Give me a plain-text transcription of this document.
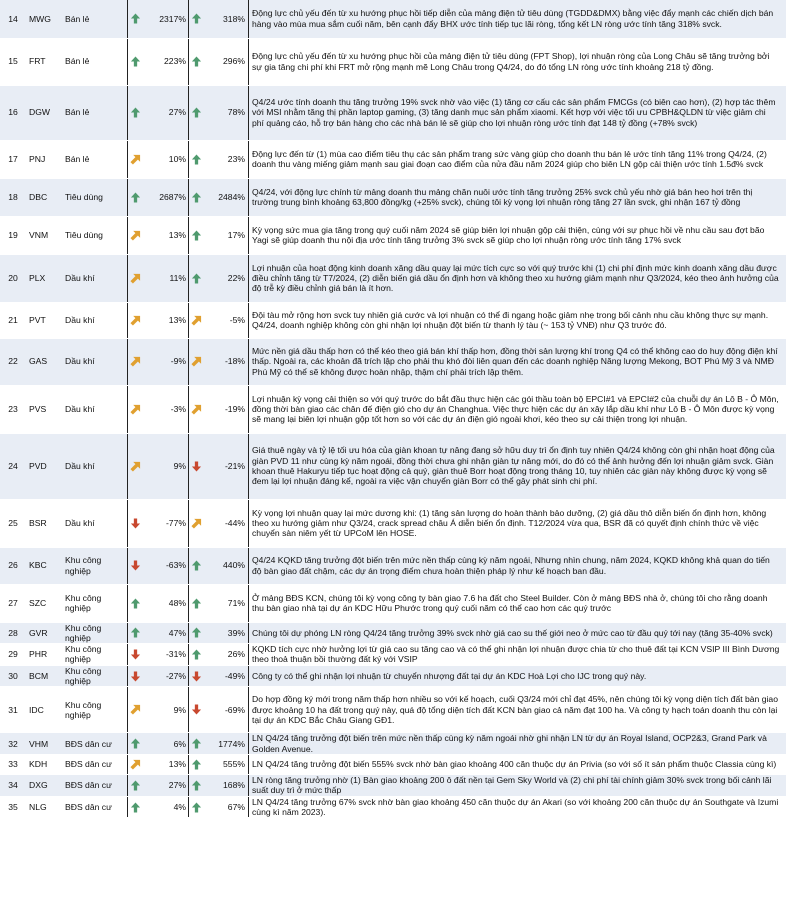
14	MWG	Bán lẻ		2317%		318%	Động lực chủ yếu đến từ xu hướng phục hồi tiếp diễn của mảng điện tử tiêu dùng (TGDD&DMX) bằng việc đẩy mạnh các chiến dịch bán hàng vào mùa mua sắm cuối năm, bên cạnh đẩy BHX ước tính tiếp tục lãi ròng, tổng kết LN ròng ước tính tăng 318% svck.
15	FRT	Bán lẻ		223%		296%	Động lực chủ yếu đến từ xu hướng phục hồi của mảng điện tử tiêu dùng (FPT Shop), lợi nhuận ròng của Long Châu sẽ tăng trưởng bởi sự gia tăng chi phí khi FRT mở rộng mạnh mẽ Long Châu trong Q4/24, do đó tổng LN ròng ước tính khoảng 218 tỷ đồng.
16	DGW	Bán lẻ		27%		78%	Q4/24 ước tính doanh thu tăng trưởng 19% svck nhờ vào việc (1) tăng cơ cấu các sản phẩm FMCGs (có biên cao hơn), (2) hợp tác thêm với MSI nhằm tăng thị phần laptop gaming, (3) tăng danh mục sản phẩm xiaomi. Kết hợp với việc tối ưu CPBH&QLDN từ việc giảm chi phí quảng cáo, hỗ trợ bán hàng cho các nhà bán lẻ sẽ giúp cho lợi nhuận ròng ước tính đạt 148 tỷ đồng (+78% svck)
17	PNJ	Bán lẻ		10%		23%	Động lực đến từ (1) mùa cao điểm tiêu thụ các sản phẩm trang sức vàng giúp cho doanh thu bán lẻ ước tính tăng 11% trong Q4/24, (2) doanh thu vàng miếng giảm mạnh sau giai đoạn cao điểm của nửa đầu năm 2024 giúp cho biên LN gộp cải thiện ước tính 1.5đ% svck
18	DBC	Tiêu dùng		2687%		2484%	Q4/24, với động lực chính từ mảng doanh thu mảng chăn nuôi ước tính tăng trưởng 25% svck chủ yếu nhờ giá bán heo hơi trên thị trường trung bình khoảng 63,800 đồng/kg (+25% svck), chúng tôi kỳ vọng lợi nhuận ròng tăng 27 lần svck, ghi nhận 167 tỷ đồng
19	VNM	Tiêu dùng		13%		17%	Kỳ vọng sức mua gia tăng trong quý cuối năm 2024 sẽ giúp biên lợi nhuận gộp cải thiện, cùng với sự phục hồi về nhu cầu sau đợt bão Yagi sẽ giúp doanh thu nội địa ước tính tăng trưởng 3% svck sẽ giúp cho lợi nhuận ròng ước tính tăng 17% svck
20	PLX	Dầu khí		11%		22%	Lợi nhuận của hoạt động kinh doanh xăng dầu quay lại mức tích cực so với quý trước khi (1) chi phí định mức kinh doanh xăng dầu được điều chỉnh tăng từ T7/2024, (2) diễn biến giá dầu ổn định hơn và không theo xu hướng giảm mạnh như Q3/2024, kéo theo ảnh hưởng của độ trễ kỳ điều chỉnh giá bán là ít hơn.
21	PVT	Dầu khí		13%		-5%	Đội tàu mở rộng hơn svck tuy nhiên giá cước và lợi nhuận có thể đi ngang hoặc giảm nhẹ trong bối cảnh nhu cầu không thực sự mạnh. Q4/24, doanh nghiệp không còn ghi nhận lợi nhuận đột biến từ thanh lý tàu (~ 153 tỷ VNĐ) như Q3 trước đó.
22	GAS	Dầu khí		-9%		-18%	Mức nền giá dầu thấp hơn có thể kéo theo giá bán khí thấp hơn, đồng thời sản lượng khí trong Q4 có thể không cao do huy động điện khí thấp. Ngoài ra, các khoản đã trích lập cho phải thu khó đòi liên quan đến các doanh nghiệp Năng lượng Mekong, BOT Phú Mỹ 3 và NMĐ Phú Mỹ có thể sẽ không được hoàn nhập, thậm chí phải trích lập thêm.
23	PVS	Dầu khí		-3%		-19%	Lợi nhuận kỳ vọng cải thiện so với quý trước do bắt đầu thực hiện các gói thầu toàn bộ EPCI#1 và EPCI#2 của chuỗi dự án Lô B - Ô Môn, đồng thời bàn giao các chân đế điện gió cho dự án Changhua. Việc thực hiện các dự án xây lắp dầu khí như Lô B - Ô Môn được kỳ vọng sẽ mang lại biên lợi nhuận gộp tốt hơn so với các dự án điện gió ngoài khơi, kéo theo sự cải thiện trong lợi nhuận.
24	PVD	Dầu khí		9%		-21%	Giá thuê ngày và tỷ lệ tối ưu hóa của giàn khoan tự nâng đang sở hữu duy trì ổn định tuy nhiên Q4/24 không còn ghi nhận hoạt động của giàn PVD 11 như cùng kỳ năm ngoái, đồng thời chưa ghi nhận giàn tự nâng mới, do đó có thể ảnh hưởng đến lợi nhuận giảm svck. Giàn khoan thuê Hakuryu tiếp tục hoạt động cả quý, giàn thuê Borr hoạt động trong tháng 10, tuy nhiên các giàn này không được kỳ vọng sẽ đem lại lợi nhuận đáng kể, ngoài ra việc vận chuyển giàn Borr có thể gây phát sinh chi phí.
25	BSR	Dầu khí		-77%		-44%	Kỳ vọng lợi nhuận quay lại mức dương khi: (1) tăng sản lượng do hoàn thành bảo dưỡng, (2) giá dầu thô diễn biến ổn định hơn, không theo xu hướng giảm như Q3/24, crack spread châu Á diễn biến ổn định. T12/2024 vừa qua, BSR đã có quyết định chính thức về việc chuyển sàn niêm yết từ UPCoM lên HOSE.
26	KBC	Khu công nghiệp		-63%		440%	Q4/24 KQKD tăng trưởng đột biến trên mức nền thấp cùng kỳ năm ngoái, Nhưng nhìn chung, năm 2024, KQKD không khả quan do tiến độ bàn giao đất chậm, các dự án trọng điểm chưa hoàn thiện pháp lý như kế hoạch ban đầu.
27	SZC	Khu công nghiệp		48%		71%	Ở mảng BĐS KCN, chúng tôi kỳ vọng công ty bàn giao 7.6 ha đất cho Steel Builder. Còn ở mảng BĐS nhà ở, chúng tôi cho rằng doanh thu bàn giao nhà tại dự án KDC Hữu Phước trong quý cuối năm có thể cao hơn các quý trước
28	GVR	Khu công nghiệp		47%		39%	Chúng tôi dự phóng LN ròng Q4/24 tăng trưởng 39% svck nhờ giá cao su thế giới neo ở mức cao từ đầu quý tới nay (tăng 35-40% svck)
29	PHR	Khu công nghiệp		-31%		26%	KQKD tích cực nhờ hưởng lợi từ giá cao su tăng cao và có thể ghi nhận lợi nhuận được chia từ cho thuê đất tại KCN VSIP III Bình Dương theo thoả thuận bồi thường đất ký với VSIP
30	BCM	Khu công nghiệp		-27%		-49%	Công ty có thể ghi nhận lợi nhuận từ chuyển nhượng đất tại dự án KDC Hoà Lợi cho IJC trong quý này.
31	IDC	Khu công nghiệp		9%		-69%	Do hợp đồng ký mới trong năm thấp hơn nhiều so với kế hoạch, cuối Q3/24 mới chỉ đạt 45%, nên chúng tôi kỳ vọng diện tích đất bàn giao được khoảng 10 ha đất trong quý này, quá độ tổng diện tích đất KCN bàn giao cả năm đạt 100 ha. Và công ty hạch toán doanh thu còn lại tại dự án KDC Bắc Châu Giang GĐ1.
32	VHM	BĐS dân cư		6%		1774%	LN Q4/24 tăng trưởng đột biến trên mức nền thấp cùng kỳ năm ngoái nhờ ghi nhận LN từ dự án Royal Island, OCP2&3, Grand Park và Golden Avenue.
33	KDH	BĐS dân cư		13%		555%	LN Q4/24 tăng trưởng đột biến 555% svck nhờ bàn giao khoảng 400 căn thuộc dự án Privia (so với số ít sản phẩm thuộc Classia cùng kì)
34	DXG	BĐS dân cư		27%		168%	LN ròng tăng trưởng nhờ (1) Bàn giao khoảng 200 ô đất nền tại Gem Sky World và (2) chi phí tài chính giảm 30% svck trong bối cảnh lãi suất duy trì ở mức thấp
35	NLG	BĐS dân cư		4%		67%	LN Q4/24 tăng trưởng 67% svck nhờ bàn giao khoảng 450 căn thuộc dự án Akari (so với khoảng 200 căn thuộc dự án Southgate và Izumi cùng kì năm 2023).
